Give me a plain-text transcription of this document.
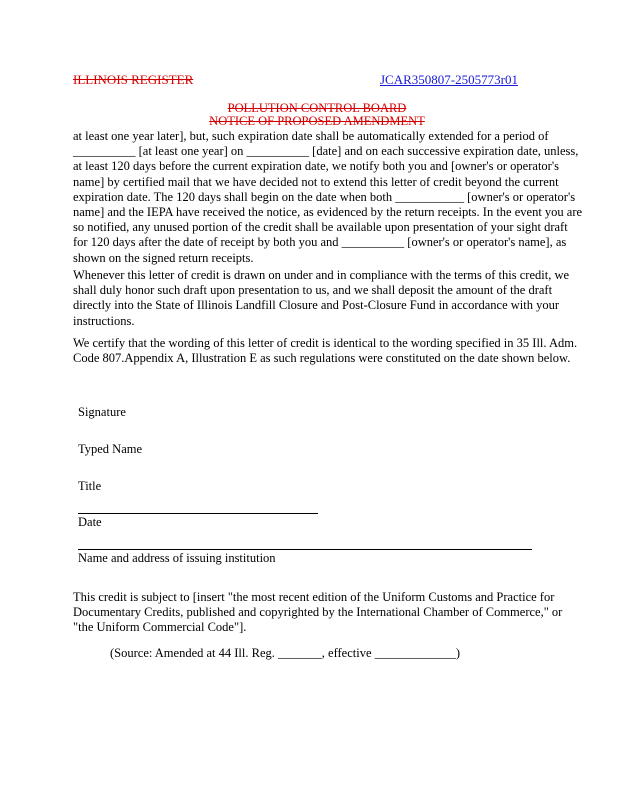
ILLINOIS REGISTER	JCAR350807-2505773r01
POLLUTION CONTROL BOARD
NOTICE OF PROPOSED AMENDMENT
at least one year later], but, such expiration date shall be automatically extended for a period of __________ [at least one year] on __________ [date] and on each successive expiration date, unless, at least 120 days before the current expiration date, we notify both you and [owner's or operator's name] by certified mail that we have decided not to extend this letter of credit beyond the current expiration date. The 120 days shall begin on the date when both ___________ [owner's or operator's name] and the IEPA have received the notice, as evidenced by the return receipts. In the event you are so notified, any unused portion of the credit shall be available upon presentation of your sight draft for 120 days after the date of receipt by both you and __________ [owner's or operator's name], as shown on the signed return receipts.
Whenever this letter of credit is drawn on under and in compliance with the terms of this credit, we shall duly honor such draft upon presentation to us, and we shall deposit the amount of the draft directly into the State of Illinois Landfill Closure and Post-Closure Fund in accordance with your instructions.
We certify that the wording of this letter of credit is identical to the wording specified in 35 Ill. Adm. Code 807.Appendix A, Illustration E as such regulations were constituted on the date shown below.
Signature
Typed Name
Title
Date
Name and address of issuing institution
This credit is subject to [insert "the most recent edition of the Uniform Customs and Practice for Documentary Credits, published and copyrighted by the International Chamber of Commerce," or "the Uniform Commercial Code"].
(Source: Amended at 44 Ill. Reg. _______, effective _____________)
